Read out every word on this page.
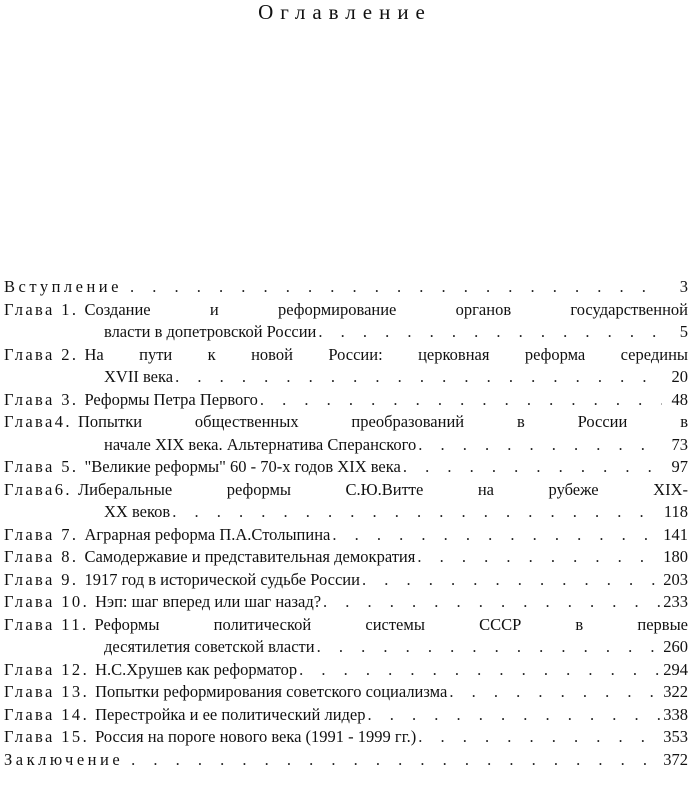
Оглавление
Вступление . . .	3
Глава 1. Создание и реформирование органов государственной
власти в допетровской России . . .	5
Глава 2. На пути к новой России: церковная реформа середины
XVII века . . .	20
Глава 3. Реформы Петра Первого . . .	48
Глава4. Попытки общественных преобразований в России в
начале XIX века. Альтернатива Сперанского . . .	73
Глава 5. "Великие реформы" 60 - 70-х годов XIX века . . .	97
Глава6. Либеральные реформы С.Ю.Витте на рубеже XIX-
XX веков . . .	118
Глава 7. Аграрная реформа П.А.Столыпина . . .	141
Глава 8. Самодержавие и представительная демократия . . .	180
Глава 9. 1917 год в исторической судьбе России . . .	203
Глава 10. Нэп: шаг вперед или шаг назад? . . .	233
Глава 11. Реформы политической системы СССР в первые
десятилетия советской власти . . .	260
Глава 12. Н.С.Хрушев как реформатор . . .	294
Глава 13. Попытки реформирования советского социализма . . .	322
Глава 14. Перестройка и ее политический лидер . . .	338
Глава 15. Россия на пороге нового века (1991 - 1999 гг.) . . .	353
Заключение . . .	372
